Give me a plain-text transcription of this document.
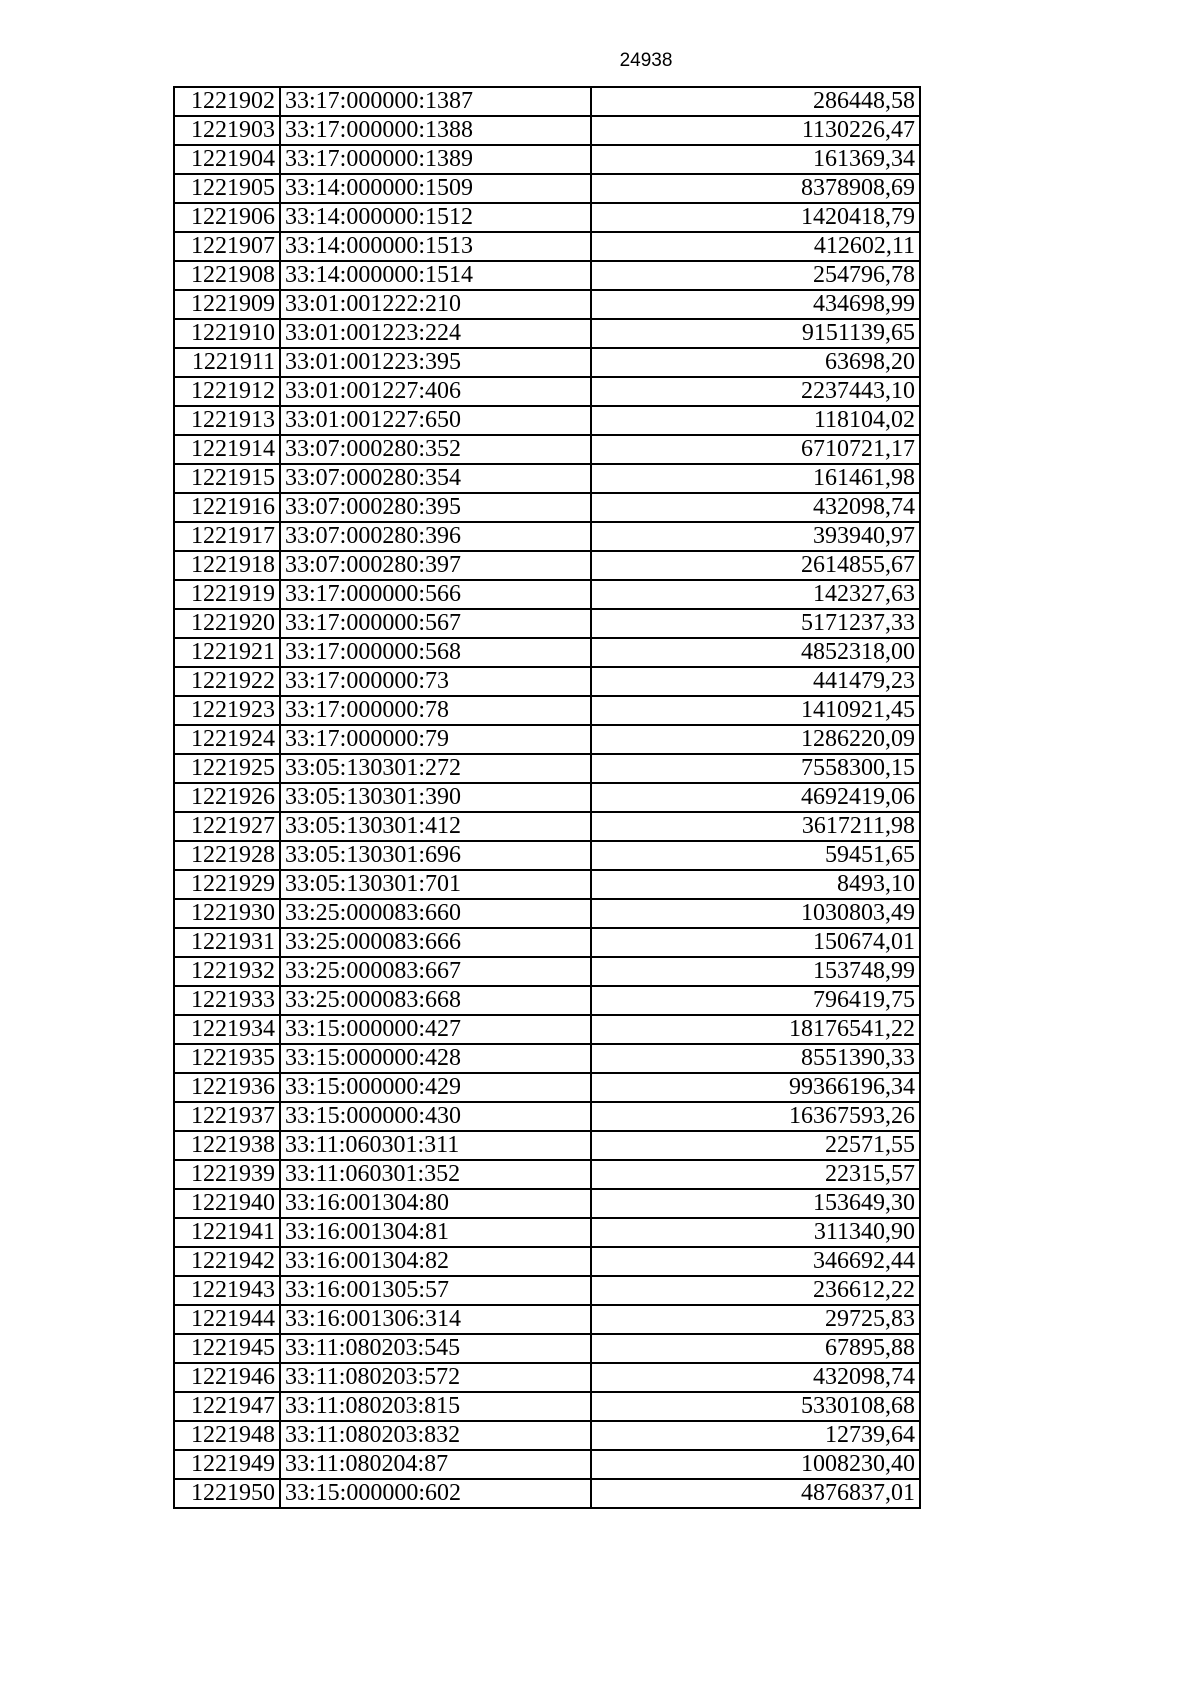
24938
1221902	33:17:000000:1387	286448,58
1221903	33:17:000000:1388	1130226,47
1221904	33:17:000000:1389	161369,34
1221905	33:14:000000:1509	8378908,69
1221906	33:14:000000:1512	1420418,79
1221907	33:14:000000:1513	412602,11
1221908	33:14:000000:1514	254796,78
1221909	33:01:001222:210	434698,99
1221910	33:01:001223:224	9151139,65
1221911	33:01:001223:395	63698,20
1221912	33:01:001227:406	2237443,10
1221913	33:01:001227:650	118104,02
1221914	33:07:000280:352	6710721,17
1221915	33:07:000280:354	161461,98
1221916	33:07:000280:395	432098,74
1221917	33:07:000280:396	393940,97
1221918	33:07:000280:397	2614855,67
1221919	33:17:000000:566	142327,63
1221920	33:17:000000:567	5171237,33
1221921	33:17:000000:568	4852318,00
1221922	33:17:000000:73	441479,23
1221923	33:17:000000:78	1410921,45
1221924	33:17:000000:79	1286220,09
1221925	33:05:130301:272	7558300,15
1221926	33:05:130301:390	4692419,06
1221927	33:05:130301:412	3617211,98
1221928	33:05:130301:696	59451,65
1221929	33:05:130301:701	8493,10
1221930	33:25:000083:660	1030803,49
1221931	33:25:000083:666	150674,01
1221932	33:25:000083:667	153748,99
1221933	33:25:000083:668	796419,75
1221934	33:15:000000:427	18176541,22
1221935	33:15:000000:428	8551390,33
1221936	33:15:000000:429	99366196,34
1221937	33:15:000000:430	16367593,26
1221938	33:11:060301:311	22571,55
1221939	33:11:060301:352	22315,57
1221940	33:16:001304:80	153649,30
1221941	33:16:001304:81	311340,90
1221942	33:16:001304:82	346692,44
1221943	33:16:001305:57	236612,22
1221944	33:16:001306:314	29725,83
1221945	33:11:080203:545	67895,88
1221946	33:11:080203:572	432098,74
1221947	33:11:080203:815	5330108,68
1221948	33:11:080203:832	12739,64
1221949	33:11:080204:87	1008230,40
1221950	33:15:000000:602	4876837,01
